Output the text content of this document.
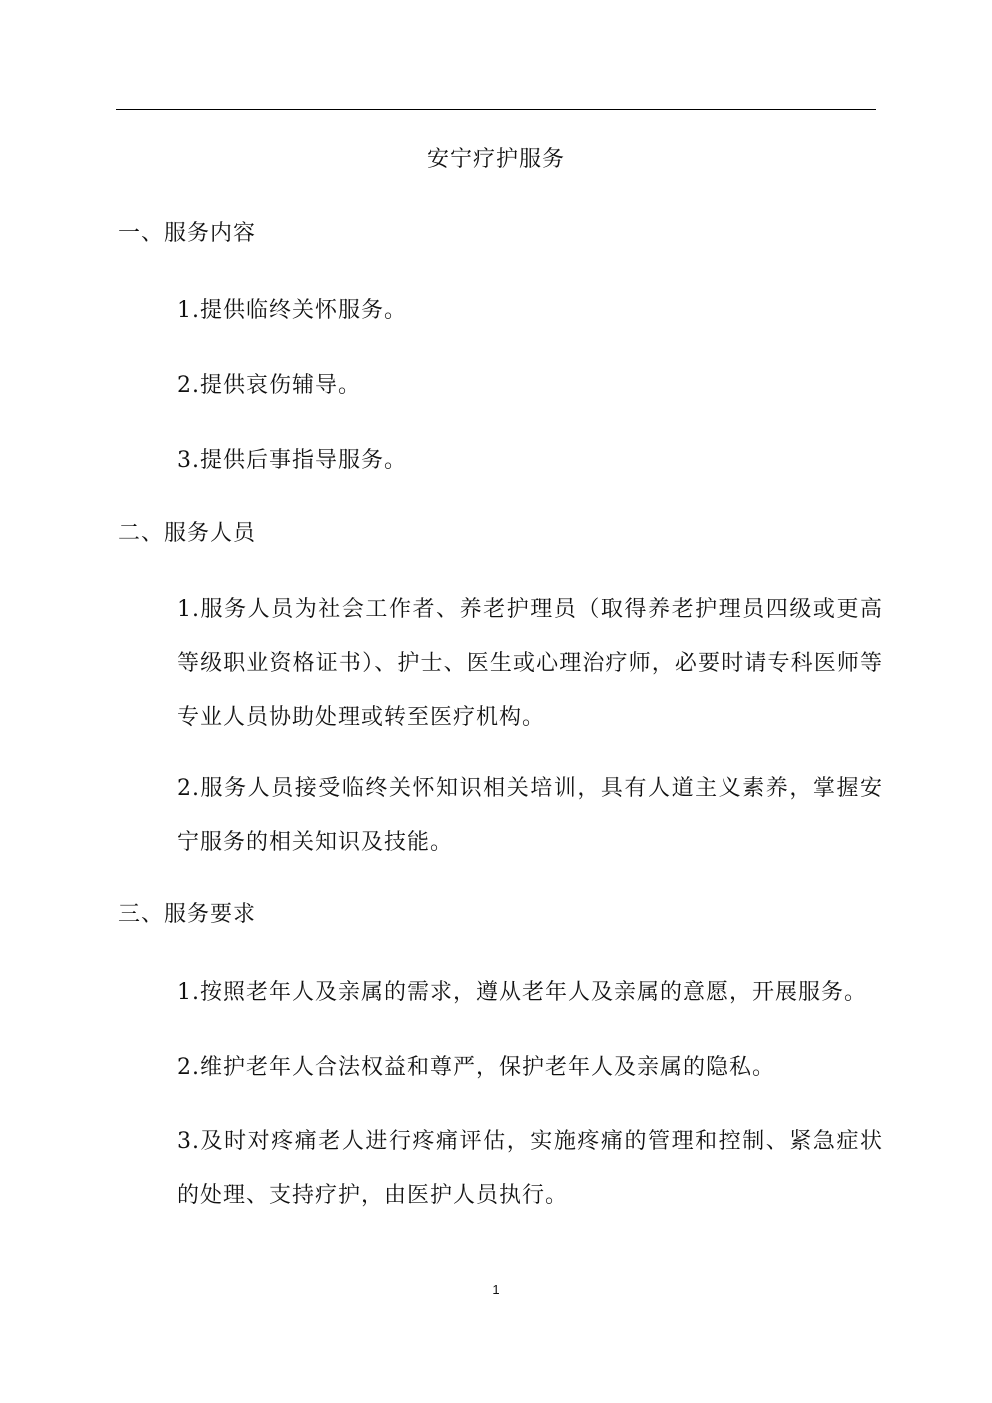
安宁疗护服务
一、服务内容
1.提供临终关怀服务。
2.提供哀伤辅导。
3.提供后事指导服务。
二、服务人员
1.服务人员为社会工作者、养老护理员（取得养老护理员四级或更高等级职业资格证书）、护士、医生或心理治疗师，必要时请专科医师等专业人员协助处理或转至医疗机构。
2.服务人员接受临终关怀知识相关培训，具有人道主义素养，掌握安宁服务的相关知识及技能。
三、服务要求
1.按照老年人及亲属的需求，遵从老年人及亲属的意愿，开展服务。
2.维护老年人合法权益和尊严，保护老年人及亲属的隐私。
3.及时对疼痛老人进行疼痛评估，实施疼痛的管理和控制、紧急症状的处理、支持疗护，由医护人员执行。
1
